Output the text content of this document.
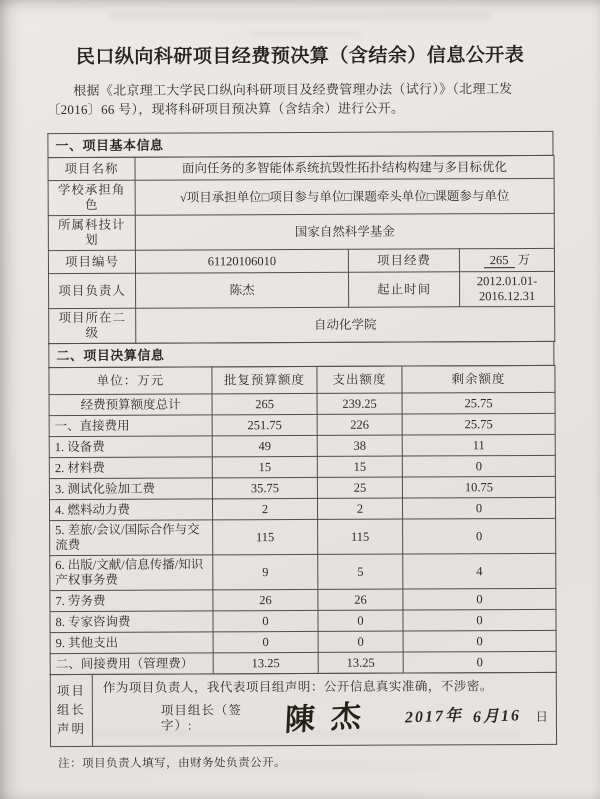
民口纵向科研项目经费预决算（含结余）信息公开表
根据《北京理工大学民口纵向科研项目及经费管理办法（试行）》（北理工发〔2016〕66 号），现将科研项目预决算（含结余）进行公开。
一、项目基本信息
项目名称	面向任务的多智能体系统抗毁性拓扑结构构建与多目标优化		
学校承担角色	√项目承担单位□项目参与单位□课题牵头单位□课题参与单位		
所属科技计划	国家自然科学基金		
项目编号	61120106010	项目经费	265 万
项目负责人	陈杰	起止时间	2012.01.01- 2016.12.31
项目所在二级	自动化学院		
二、项目决算信息
单位：万元	批复预算额度	支出额度	剩余额度
经费预算额度总计	265	239.25	25.75
一、直接费用	251.75	226	25.75
1. 设备费	49	38	11
2. 材料费	15	15	0
3. 测试化验加工费	35.75	25	10.75
4. 燃料动力费	2	2	0
5. 差旅/会议/国际合作与交流费	115	115	0
6. 出版/文献/信息传播/知识产权事务费	9	5	4
7. 劳务费	26	26	0
8. 专家咨询费	0	0	0
9. 其他支出	0	0	0
二、间接费用（管理费）	13.25	13.25	0
项目组长声明	
作为项目负责人，我代表项目组声明：公开信息真实准确，不涉密。
项目组长（签字）:	陳杰 2017年 6月16 日
注：项目负责人填写，由财务处负责公开。
